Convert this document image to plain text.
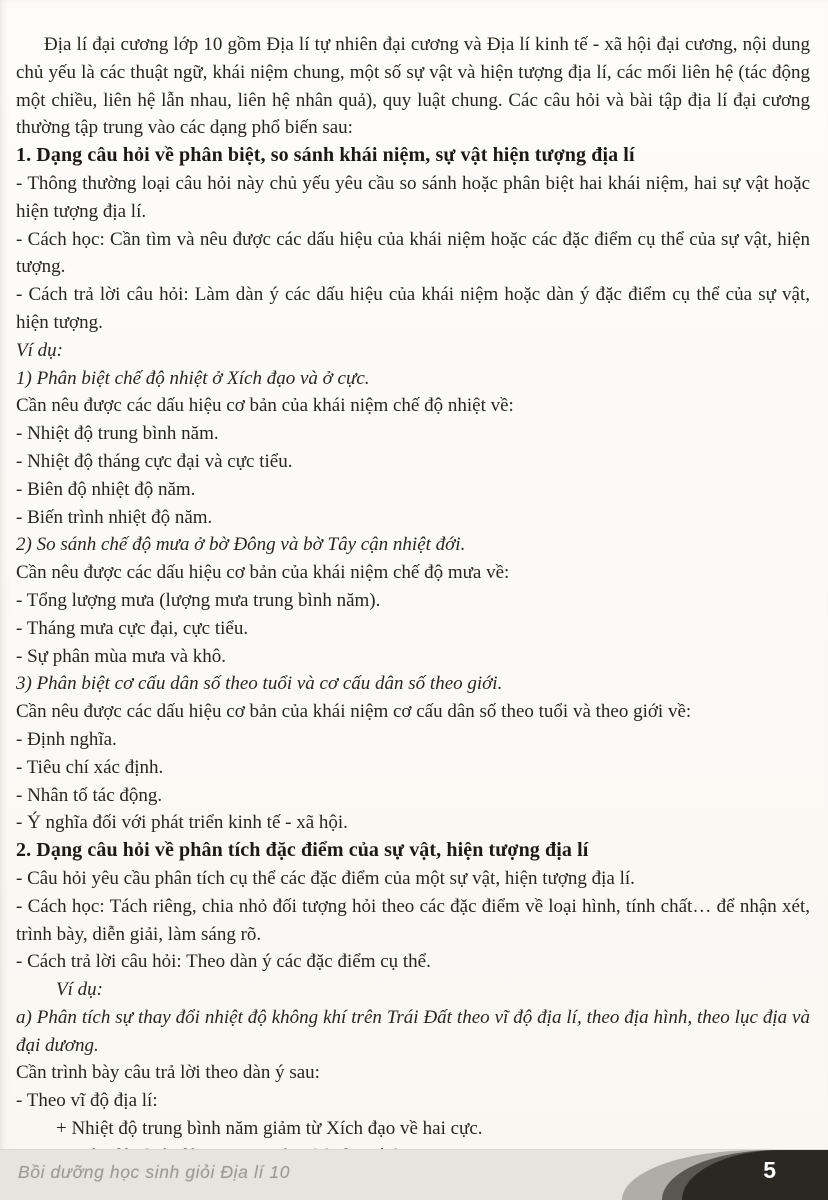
Địa lí đại cương lớp 10 gồm Địa lí tự nhiên đại cương và Địa lí kinh tế - xã hội đại cương, nội dung chủ yếu là các thuật ngữ, khái niệm chung, một số sự vật và hiện tượng địa lí, các mối liên hệ (tác động một chiều, liên hệ lẫn nhau, liên hệ nhân quả), quy luật chung. Các câu hỏi và bài tập địa lí đại cương thường tập trung vào các dạng phổ biến sau:

1. Dạng câu hỏi về phân biệt, so sánh khái niệm, sự vật hiện tượng địa lí

- Thông thường loại câu hỏi này chủ yếu yêu cầu so sánh hoặc phân biệt hai khái niệm, hai sự vật hoặc hiện tượng địa lí.

- Cách học: Cần tìm và nêu được các dấu hiệu của khái niệm hoặc các đặc điểm cụ thể của sự vật, hiện tượng.

- Cách trả lời câu hỏi: Làm dàn ý các dấu hiệu của khái niệm hoặc dàn ý đặc điểm cụ thể của sự vật, hiện tượng.

Ví dụ:

1) Phân biệt chế độ nhiệt ở Xích đạo và ở cực.

Cần nêu được các dấu hiệu cơ bản của khái niệm chế độ nhiệt về:

- Nhiệt độ trung bình năm.

- Nhiệt độ tháng cực đại và cực tiểu.

- Biên độ nhiệt độ năm.

- Biến trình nhiệt độ năm.

2) So sánh chế độ mưa ở bờ Đông và bờ Tây cận nhiệt đới.

Cần nêu được các dấu hiệu cơ bản của khái niệm chế độ mưa về:

- Tổng lượng mưa (lượng mưa trung bình năm).

- Tháng mưa cực đại, cực tiểu.

- Sự phân mùa mưa và khô.

3) Phân biệt cơ cấu dân số theo tuổi và cơ cấu dân số theo giới.

Cần nêu được các dấu hiệu cơ bản của khái niệm cơ cấu dân số theo tuổi và theo giới về:

- Định nghĩa.

- Tiêu chí xác định.

- Nhân tố tác động.

- Ý nghĩa đối với phát triển kinh tế - xã hội.

2. Dạng câu hỏi về phân tích đặc điểm của sự vật, hiện tượng địa lí

- Câu hỏi yêu cầu phân tích cụ thể các đặc điểm của một sự vật, hiện tượng địa lí.

- Cách học: Tách riêng, chia nhỏ đối tượng hỏi theo các đặc điểm về loại hình, tính chất… để nhận xét, trình bày, diễn giải, làm sáng rõ.

- Cách trả lời câu hỏi: Theo dàn ý các đặc điểm cụ thể.

Ví dụ:

a) Phân tích sự thay đổi nhiệt độ không khí trên Trái Đất theo vĩ độ địa lí, theo địa hình, theo lục địa và đại dương.

Cần trình bày câu trả lời theo dàn ý sau:

- Theo vĩ độ địa lí:

+ Nhiệt độ trung bình năm giảm từ Xích đạo về hai cực.

Bồi dưỡng học sinh giỏi Địa lí 10	5
